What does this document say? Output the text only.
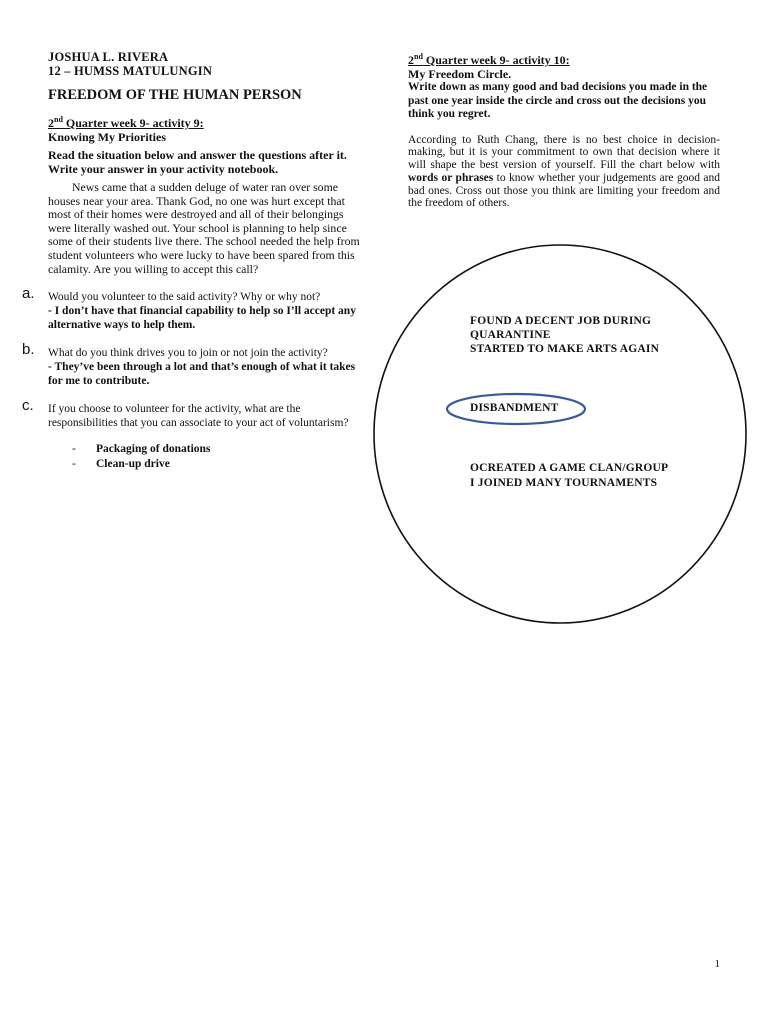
JOSHUA L. RIVERA
12 – HUMSS MATULUNGIN
FREEDOM OF THE HUMAN PERSON
2nd Quarter week 9- activity 9:
Knowing My Priorities
Read the situation below and answer the questions after it. Write your answer in your activity notebook.
News came that a sudden deluge of water ran over some houses near your area. Thank God, no one was hurt except that most of their homes were destroyed and all of their belongings were literally washed out. Your school is planning to help since some of their students live there. The school needed the help from student volunteers who were lucky to have been spared from this calamity. Are you willing to accept this call?
a. Would you volunteer to the said activity? Why or why not?
- I don’t have that financial capability to help so I’ll accept any alternative ways to help them.
b. What do you think drives you to join or not join the activity?
- They’ve been through a lot and that’s enough of what it takes for me to contribute.
c. If you choose to volunteer for the activity, what are the responsibilities that you can associate to your act of voluntarism?
-	Packaging of donations
-	Clean-up drive
2nd Quarter week 9- activity 10:
My Freedom Circle.
Write down as many good and bad decisions you made in the past one year inside the circle and cross out the decisions you think you regret.
According to Ruth Chang, there is no best choice in decision-making, but it is your commitment to own that decision where it will shape the best version of yourself. Fill the chart below with words or phrases to know whether your judgements are good and bad ones. Cross out those you think are limiting your freedom and the freedom of others.
FOUND A DECENT JOB DURING QUARANTINE
STARTED TO MAKE ARTS AGAIN
DISBANDMENT
OCREATED A GAME CLAN/GROUP
I JOINED MANY TOURNAMENTS
1
